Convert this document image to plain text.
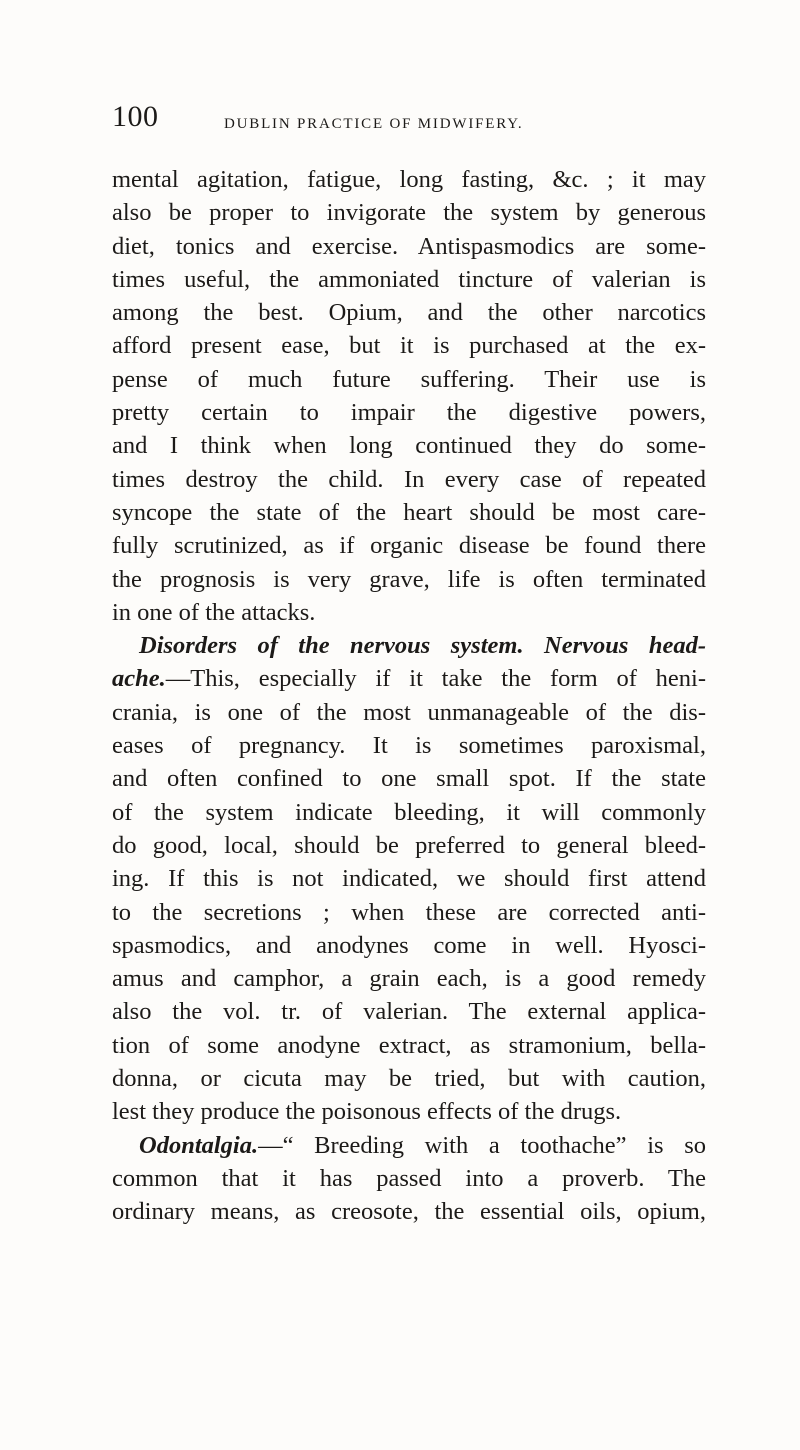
100	DUBLIN PRACTICE OF MIDWIFERY.
mental agitation, fatigue, long fasting, &c. ; it may
also be proper to invigorate the system by generous
diet, tonics and exercise. Antispasmodics are some-
times useful, the ammoniated tincture of valerian is
among the best. Opium, and the other narcotics
afford present ease, but it is purchased at the ex-
pense of much future suffering. Their use is
pretty certain to impair the digestive powers,
and I think when long continued they do some-
times destroy the child. In every case of repeated
syncope the state of the heart should be most care-
fully scrutinized, as if organic disease be found there
the prognosis is very grave, life is often terminated
in one of the attacks.
Disorders of the nervous system. Nervous head-
ache.—This, especially if it take the form of heni-
crania, is one of the most unmanageable of the dis-
eases of pregnancy. It is sometimes paroxismal,
and often confined to one small spot. If the state
of the system indicate bleeding, it will commonly
do good, local, should be preferred to general bleed-
ing. If this is not indicated, we should first attend
to the secretions ; when these are corrected anti-
spasmodics, and anodynes come in well. Hyosci-
amus and camphor, a grain each, is a good remedy
also the vol. tr. of valerian. The external applica-
tion of some anodyne extract, as stramonium, bella-
donna, or cicuta may be tried, but with caution,
lest they produce the poisonous effects of the drugs.
Odontalgia.—“ Breeding with a toothache” is so
common that it has passed into a proverb. The
ordinary means, as creosote, the essential oils, opium,
